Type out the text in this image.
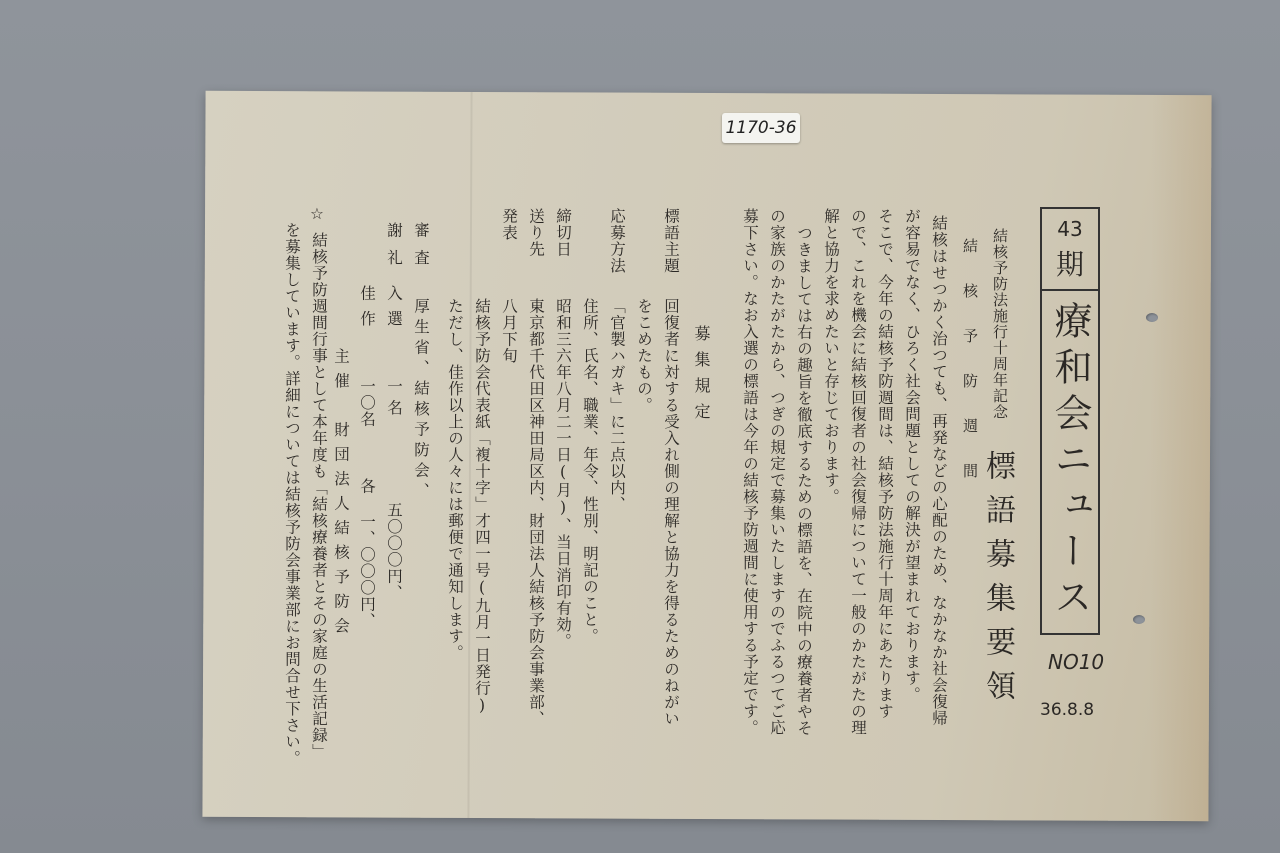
1170-36
43
期
療和会ニュース
NO10
36.8.8
結核予防法施行十周年記念
結 核 予 防 週 間
標語募集要領
結核はせつかく治つても、再発などの心配のため、なかなか社会復帰
が容易でなく、ひろく社会問題としての解決が望まれております。
そこで、今年の結核予防週間は、結核予防法施行十周年にあたります
ので、これを機会に結核回復者の社会復帰について一般のかたがたの理
解と協力を求めたいと存じております。
つきましては右の趣旨を徹底するための標語を、在院中の療養者やそ
の家族のかたがたから、つぎの規定で募集いたしますのでふるつてご応
募下さい。なお入選の標語は今年の結核予防週間に使用する予定です。
募集規定
標語主題
回復者に対する受入れ側の理解と協力を得るためのねがい
をこめたもの。
応募方法
「官製ハガキ」に二点以内、
住所、氏名、職業、年令、性別、明記のこと。
締切日
昭和三六年八月二一日(月)、当日消印有効。
送り先
東京都千代田区神田局区内、財団法人結核予防会事業部、
発表
八月下旬
結核予防会代表紙「複十字」才四一号(九月一日発行)
ただし、佳作以上の人々には郵便で通知します。
審査
厚生省、結核予防会、
謝礼
入選
一名
五〇〇〇円、
佳作
一〇名
各 一、〇〇〇円、
主催　財団法人結核予防会
☆
結核予防週間行事として本年度も「結核療養者とその家庭の生活記録」
を募集しています。詳細については結核予防会事業部にお問合せ下さい。
